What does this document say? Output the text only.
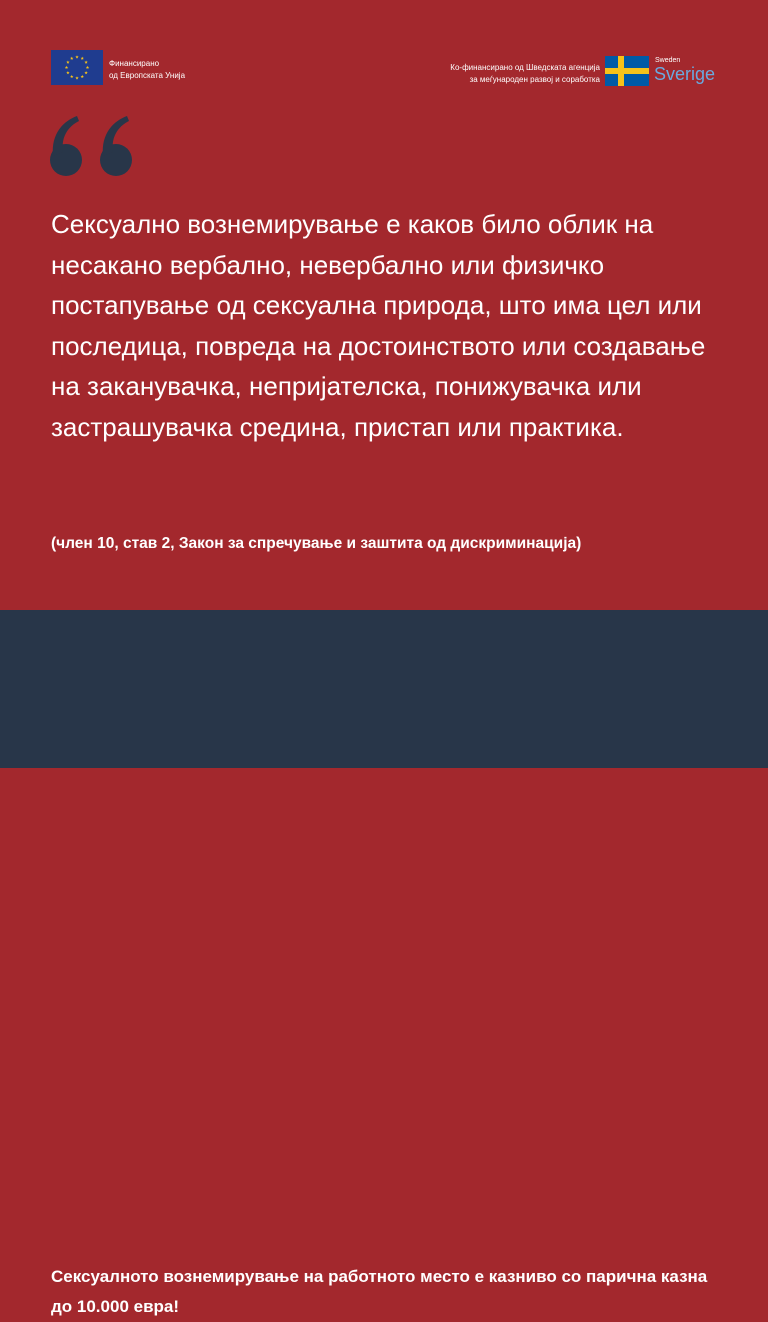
Финансирано
од Европската Унија
Ко-финансирано од Шведската агенција
за меѓународен развој и соработка
Sweden
Sverige
Сексуално вознемирување е каков било облик на несакано вербално, невербално или физичко постапување од сексуална природа, што има цел или последица, повреда на достоинството или создавање на заканувачка, непријателска, понижувачка или застрашувачка средина, пристап или практика.
(член 10, став 2, Закон за спречување и заштита од дискриминација)
Сексуалното вознемирување на работното место е казниво со парична казна до 10.000 евра!
